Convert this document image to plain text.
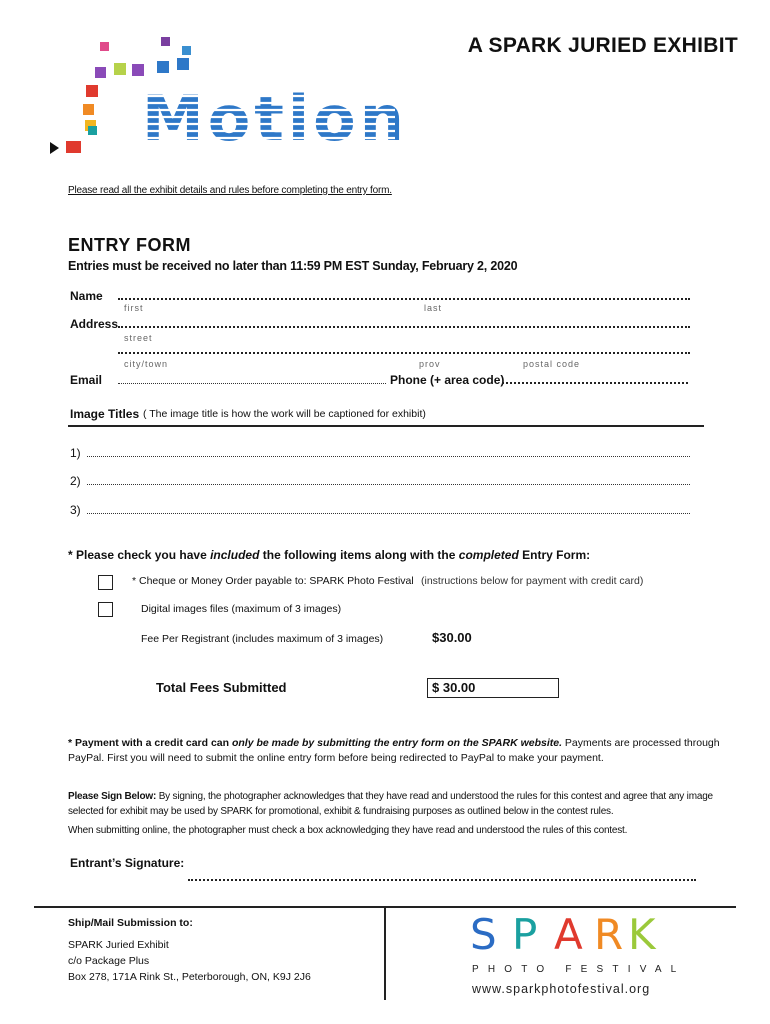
Motion
A SPARK JURIED EXHIBIT
Please read all the exhibit details and rules before completing the entry form.
ENTRY FORM
Entries must be received no later than 11:59 PM EST Sunday, February 2, 2020
Name
first	last
Address
street
city/town	prov	postal code
Email	Phone (+ area code)
Image Titles ( The image title is how the work will be captioned for exhibit)
1)
2)
3)
* Please check you have included the following items along with the completed Entry Form:
* Cheque or Money Order payable to: SPARK Photo Festival (instructions below for payment with credit card)
Digital images files (maximum of 3 images)
Fee Per Registrant (includes maximum of 3 images)	$30.00
Total Fees Submitted	$ 30.00
* Payment with a credit card can only be made by submitting the entry form on the SPARK website. Payments are processed through PayPal. First you will need to submit the online entry form before being redirected to PayPal to make your payment.
Please Sign Below: By signing, the photographer acknowledges that they have read and understood the rules for this contest and agree that any image selected for exhibit may be used by SPARK for promotional, exhibit & fundraising purposes as outlined below in the contest rules.
When submitting online, the photographer must check a box acknowledging they have read and understood the rules of this contest.
Entrant’s Signature:
Ship/Mail Submission to:
SPARK Juried Exhibit
c/o Package Plus
Box 278, 171A Rink St., Peterborough, ON, K9J 2J6
S P A R K
PHOTO FESTIVAL
www.sparkphotofestival.org
